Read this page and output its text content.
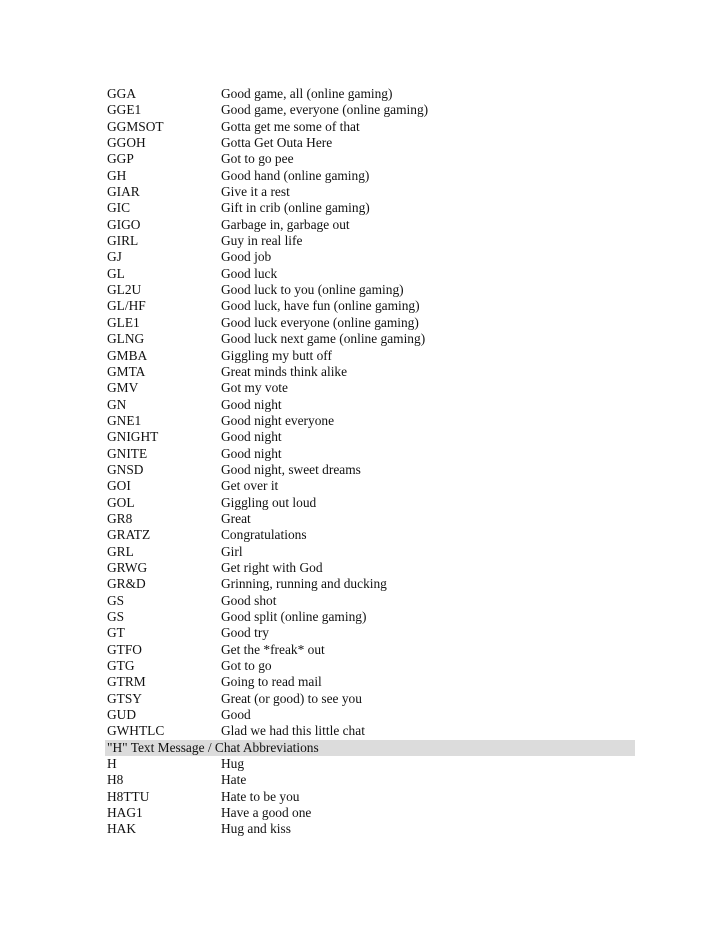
GGA	Good game, all (online gaming)
GGE1	Good game, everyone (online gaming)
GGMSOT	Gotta get me some of that
GGOH	Gotta Get Outa Here
GGP	Got to go pee
GH	Good hand (online gaming)
GIAR	Give it a rest
GIC	Gift in crib (online gaming)
GIGO	Garbage in, garbage out
GIRL	Guy in real life
GJ	Good job
GL	Good luck
GL2U	Good luck to you (online gaming)
GL/HF	Good luck, have fun (online gaming)
GLE1	Good luck everyone (online gaming)
GLNG	Good luck next game (online gaming)
GMBA	Giggling my butt off
GMTA	Great minds think alike
GMV	Got my vote
GN	Good night
GNE1	Good night everyone
GNIGHT	Good night
GNITE	Good night
GNSD	Good night, sweet dreams
GOI	Get over it
GOL	Giggling out loud
GR8	Great
GRATZ	Congratulations
GRL	Girl
GRWG	Get right with God
GR&D	Grinning, running and ducking
GS	Good shot
GS	Good split (online gaming)
GT	Good try
GTFO	Get the *freak* out
GTG	Got to go
GTRM	Going to read mail
GTSY	Great (or good) to see you
GUD	Good
GWHTLC	Glad we had this little chat
"H" Text Message / Chat Abbreviations
H	Hug
H8	Hate
H8TTU	Hate to be you
HAG1	Have a good one
HAK	Hug and kiss
